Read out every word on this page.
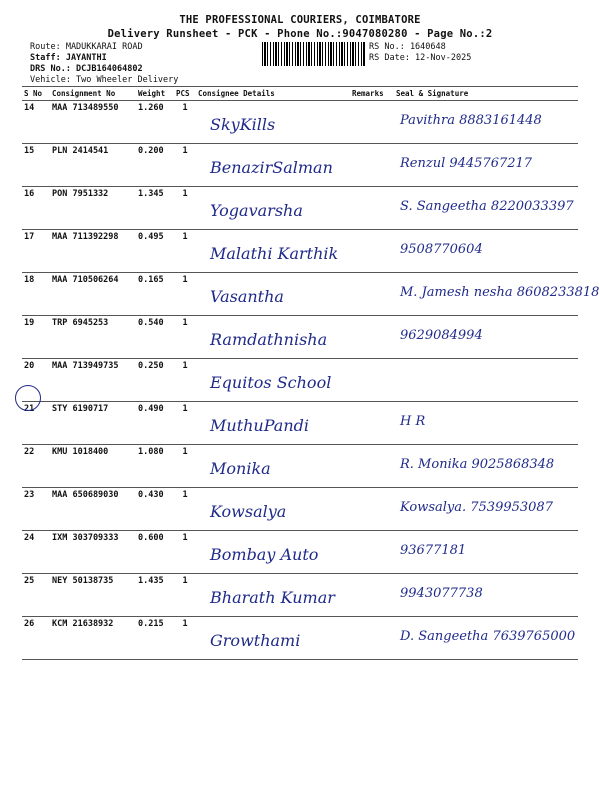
THE PROFESSIONAL COURIERS, COIMBATORE
Delivery Runsheet - PCK - Phone No.:9047080280 - Page No.:2
Route: MADUKKARAI ROAD
Staff: JAYANTHI
DRS No.: DCJB164064802
Vehicle: Two Wheeler Delivery
RS No.: 1640648
RS Date: 12-Nov-2025
S No	Consignment No	Weight	PCS	Consignee Details	Remarks	Seal & Signature
14	MAA 713489550	1.260	1	SkyKills		Pavithra 8883161448

15	PLN 2414541	0.200	1	BenazirSalman		Renzul 9445767217

16	PON 7951332	1.345	1	Yogavarsha		S. Sangeetha 8220033397

17	MAA 711392298	0.495	1	Malathi Karthik		9508770604

18	MAA 710506264	0.165	1	Vasantha		M. Jamesh nesha 8608233818

19	TRP 6945253	0.540	1	Ramdathnisha		9629084994

20	MAA 713949735	0.250	1	Equitos School		

21	STY 6190717	0.490	1	MuthuPandi		H R

22	KMU 1018400	1.080	1	Monika		R. Monika 9025868348

23	MAA 650689030	0.430	1	Kowsalya		Kowsalya. 7539953087

24	IXM 303709333	0.600	1	Bombay Auto		93677181

25	NEY 50138735	1.435	1	Bharath Kumar		9943077738

26	KCM 21638932	0.215	1	Growthami		D. Sangeetha 7639765000
